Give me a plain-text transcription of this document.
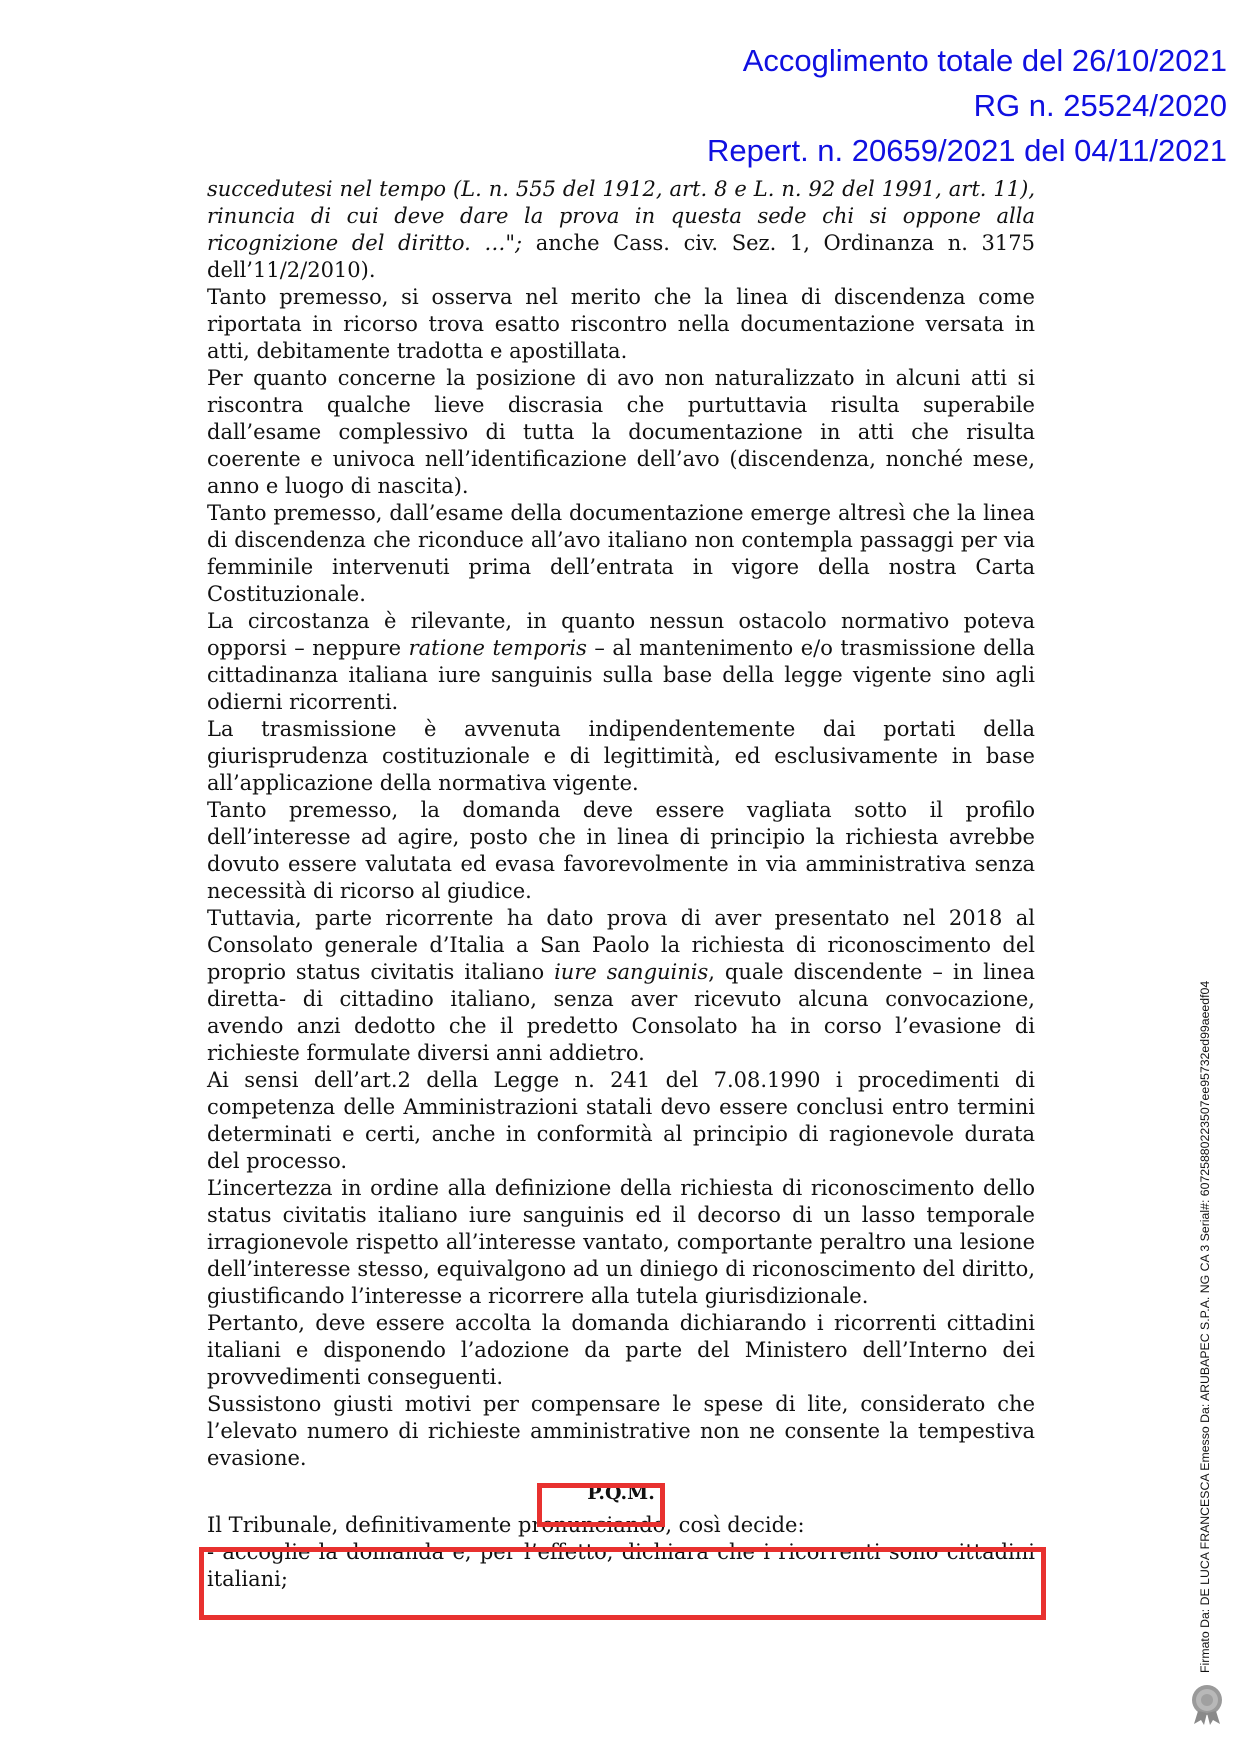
Accoglimento totale del 26/10/2021
RG n. 25524/2020
Repert. n. 20659/2021 del 04/11/2021

succedutesi nel tempo (L. n. 555 del 1912, art. 8 e L. n. 92 del 1991, art. 11), rinuncia di cui deve dare la prova in questa sede chi si oppone alla ricognizione del diritto. …"; anche Cass. civ. Sez. 1, Ordinanza n. 3175 dell’11/2/2010).

Tanto premesso, si osserva nel merito che la linea di discendenza come riportata in ricorso trova esatto riscontro nella documentazione versata in atti, debitamente tradotta e apostillata.

Per quanto concerne la posizione di avo non naturalizzato in alcuni atti si riscontra qualche lieve discrasia che purtuttavia risulta superabile dall’esame complessivo di tutta la documentazione in atti che risulta coerente e univoca nell’identificazione dell’avo (discendenza, nonché mese, anno e luogo di nascita).

Tanto premesso, dall’esame della documentazione emerge altresì che la linea di discendenza che riconduce all’avo italiano non contempla passaggi per via femminile intervenuti prima dell’entrata in vigore della nostra Carta Costituzionale.

La circostanza è rilevante, in quanto nessun ostacolo normativo poteva opporsi – neppure ratione temporis – al mantenimento e/o trasmissione della cittadinanza italiana iure sanguinis sulla base della legge vigente sino agli odierni ricorrenti.

La trasmissione è avvenuta indipendentemente dai portati della giurisprudenza costituzionale e di legittimità, ed esclusivamente in base all’applicazione della normativa vigente.

Tanto premesso, la domanda deve essere vagliata sotto il profilo dell’interesse ad agire, posto che in linea di principio la richiesta avrebbe dovuto essere valutata ed evasa favorevolmente in via amministrativa senza necessità di ricorso al giudice.

Tuttavia, parte ricorrente ha dato prova di aver presentato nel 2018 al Consolato generale d’Italia a San Paolo la richiesta di riconoscimento del proprio status civitatis italiano iure sanguinis, quale discendente – in linea diretta- di cittadino italiano, senza aver ricevuto alcuna convocazione, avendo anzi dedotto che il predetto Consolato ha in corso l’evasione di richieste formulate diversi anni addietro.

Ai sensi dell’art.2 della Legge n. 241 del 7.08.1990 i procedimenti di competenza delle Amministrazioni statali devo essere conclusi entro termini determinati e certi, anche in conformità al principio di ragionevole durata del processo.

L’incertezza in ordine alla definizione della richiesta di riconoscimento dello status civitatis italiano iure sanguinis ed il decorso di un lasso temporale irragionevole rispetto all’interesse vantato, comportante peraltro una lesione dell’interesse stesso, equivalgono ad un diniego di riconoscimento del diritto, giustificando l’interesse a ricorrere alla tutela giurisdizionale.

Pertanto, deve essere accolta la domanda dichiarando i ricorrenti cittadini italiani e disponendo l’adozione da parte del Ministero dell’Interno dei provvedimenti conseguenti.

Sussistono giusti motivi per compensare le spese di lite, considerato che l’elevato numero di richieste amministrative non ne consente la tempestiva evasione.

P.Q.M.

Il Tribunale, definitivamente pronunciando, così decide:

- accoglie la domanda e, per l’effetto, dichiara che i ricorrenti sono cittadini italiani;	Firmato Da: DE LUCA FRANCESCA Emesso Da: ARUBAPEC S.P.A. NG CA 3 Serial#: 6072588022350​7ee95732ed99aeedf04
